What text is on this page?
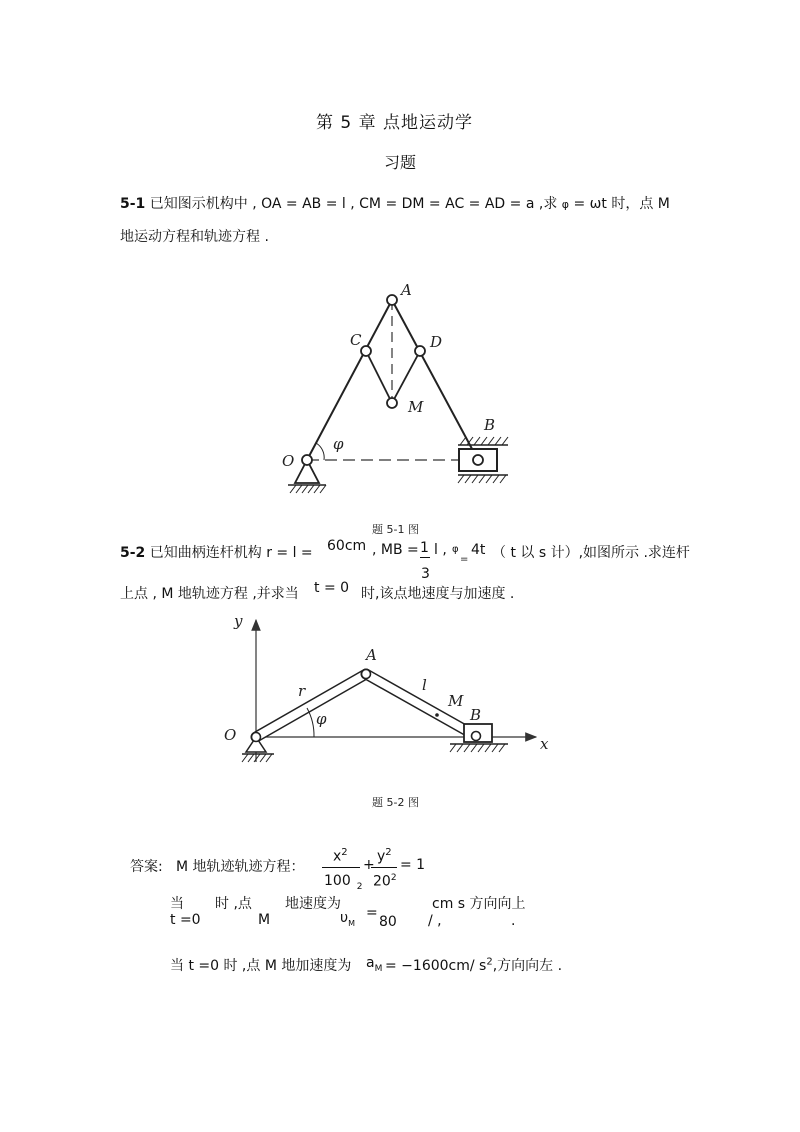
第 5 章 点地运动学
习题
5-1 已知图示机构中 , OA = AB = l , CM = DM = AC = AD = a ,求 φ = ωt 时，点 M
地运动方程和轨迹方程 .
A
C	D
M
B
O
φ
题 5-1 图
5-2 已知曲柄连杆机构 r = l = 60cm , MB = 1
3
l , φ
=
4t （ t 以 s 计）,如图所示 .求连杆
上点 , M 地轨迹方程 ,并求当 t = 0 时,该点地速度与加速度 .
y
A
r	l
M
B
O
φ
x
题 5-2 图
答案: M 地轨迹轨迹方程：
$x^2$
100 $_2$
+
$y^2$
$20^2$
= 1
当
t =0
时 ,点
M
地速度为
$\upsilon_M$
=
80
cm s 方向向上
/ ,	.
当 t =0 时 ,点 M 地加速度为 $a_M = -1600cm/$ $s^2$,方向向左 .
